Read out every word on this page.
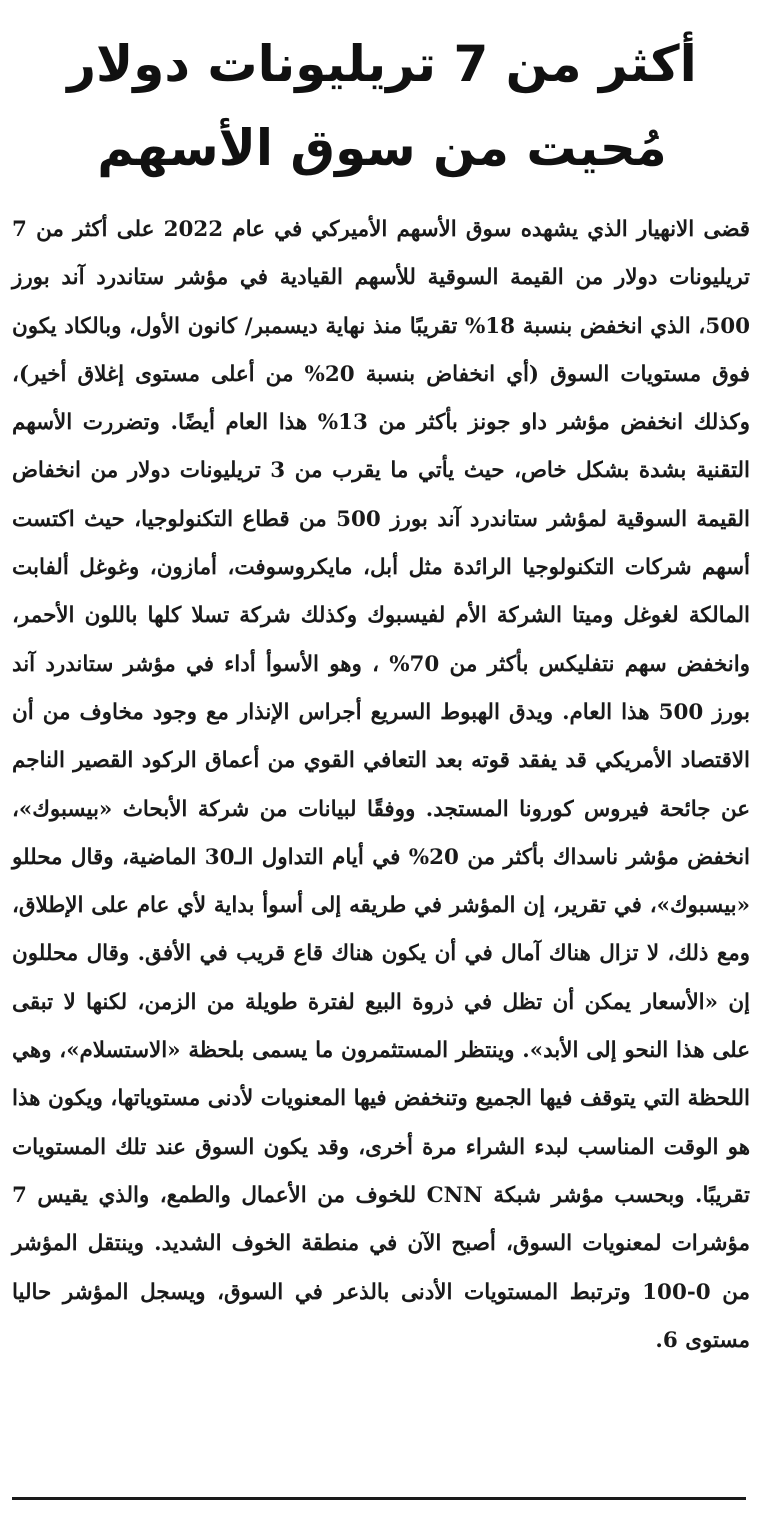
أكثر من 7 تريليونات دولار
مُحيت من سوق الأسهم

قضى الانهيار الذي يشهده سوق الأسهم الأميركي في عام 2022 على أكثر من 7 تريليونات دولار من القيمة السوقية للأسهم القيادية في مؤشر ستاندرد آند بورز 500، الذي انخفض بنسبة 18% تقريبًا منذ نهاية ديسمبر/ كانون الأول، وبالكاد يكون فوق مستويات السوق (أي انخفاض بنسبة 20% من أعلى مستوى إغلاق أخير)، وكذلك انخفض مؤشر داو جونز بأكثر من 13% هذا العام أيضًا. وتضررت الأسهم التقنية بشدة بشكل خاص، حيث يأتي ما يقرب من 3 تريليونات دولار من انخفاض القيمة السوقية لمؤشر ستاندرد آند بورز 500 من قطاع التكنولوجيا، حيث اكتست أسهم شركات التكنولوجيا الرائدة مثل أبل، مايكروسوفت، أمازون، وغوغل ألفابت المالكة لغوغل وميتا الشركة الأم لفيسبوك وكذلك شركة تسلا كلها باللون الأحمر، وانخفض سهم نتفليكس بأكثر من 70% ، وهو الأسوأ أداء في مؤشر ستاندرد آند بورز 500 هذا العام. ويدق الهبوط السريع أجراس الإنذار مع وجود مخاوف من أن الاقتصاد الأمريكي قد يفقد قوته بعد التعافي القوي من أعماق الركود القصير الناجم عن جائحة فيروس كورونا المستجد. ووفقًا لبيانات من شركة الأبحاث «بيسبوك»، انخفض مؤشر ناسداك بأكثر من 20% في أيام التداول الـ30 الماضية، وقال محللو «بيسبوك»، في تقرير، إن المؤشر في طريقه إلى أسوأ بداية لأي عام على الإطلاق، ومع ذلك، لا تزال هناك آمال في أن يكون هناك قاع قريب في الأفق. وقال محللون إن «الأسعار يمكن أن تظل في ذروة البيع لفترة طويلة من الزمن، لكنها لا تبقى على هذا النحو إلى الأبد». وينتظر المستثمرون ما يسمى بلحظة «الاستسلام»، وهي اللحظة التي يتوقف فيها الجميع وتنخفض فيها المعنويات لأدنى مستوياتها، ويكون هذا هو الوقت المناسب لبدء الشراء مرة أخرى، وقد يكون السوق عند تلك المستويات تقريبًا. وبحسب مؤشر شبكة CNN للخوف من الأعمال والطمع، والذي يقيس 7 مؤشرات لمعنويات السوق، أصبح الآن في منطقة الخوف الشديد. وينتقل المؤشر من 0-100 وترتبط المستويات الأدنى بالذعر في السوق، ويسجل المؤشر حاليا مستوى 6.
